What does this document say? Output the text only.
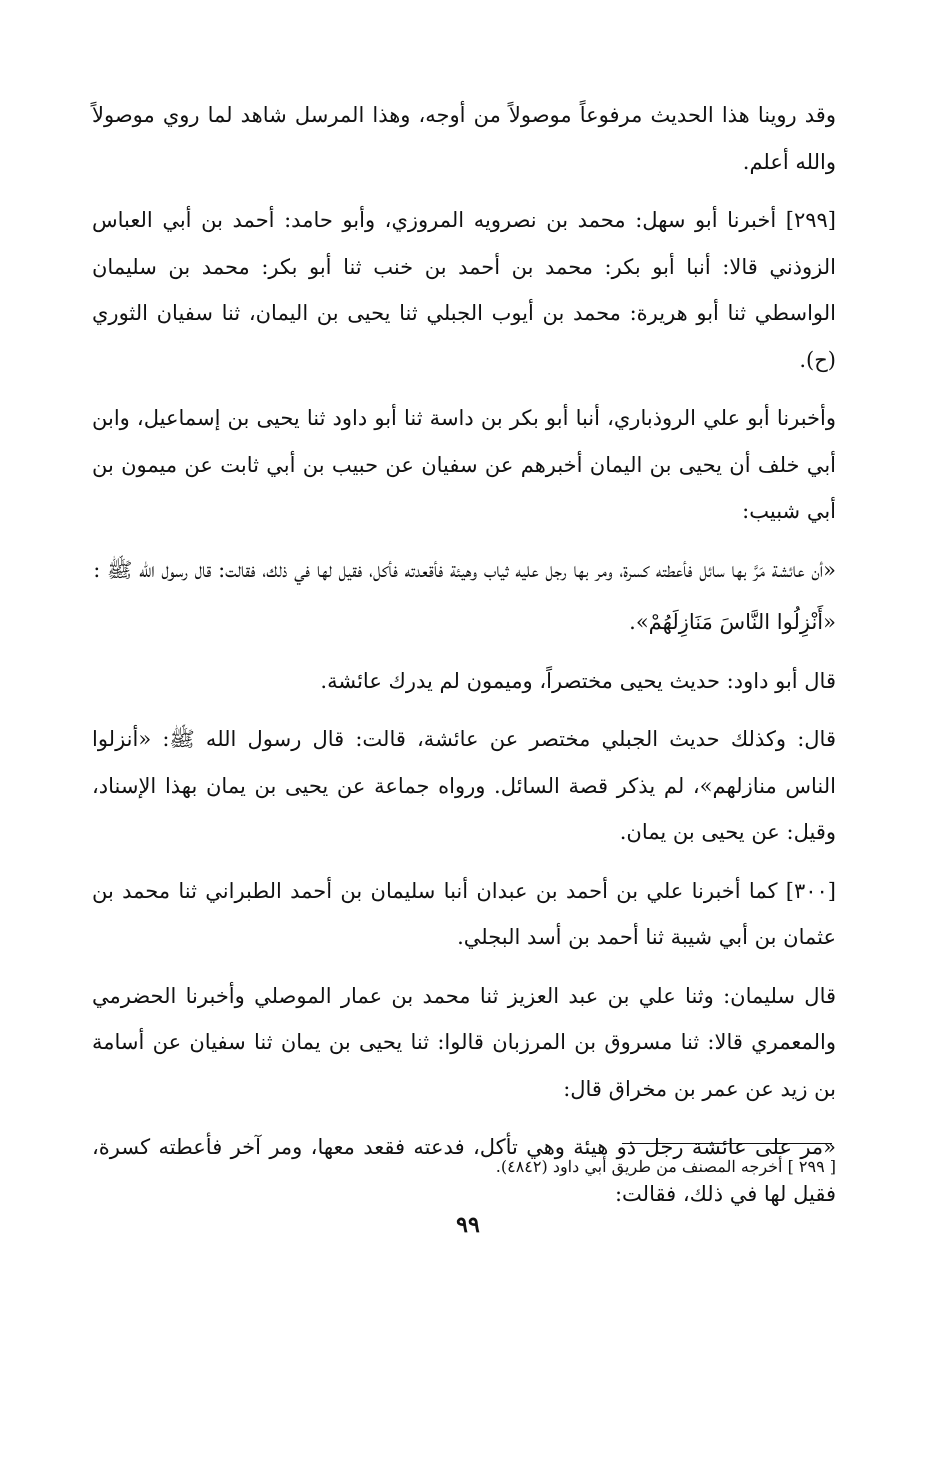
وقد روينا هذا الحديث مرفوعاً موصولاً من أوجه، وهذا المرسل شاهد لما روي موصولاً والله أعلم.

[٢٩٩] أخبرنا أبو سهل: محمد بن نصرويه المروزي، وأبو حامد: أحمد بن أبي العباس الزوذني قالا: أنبا أبو بكر: محمد بن أحمد بن خنب ثنا أبو بكر: محمد بن سليمان الواسطي ثنا أبو هريرة: محمد بن أيوب الجبلي ثنا يحيى بن اليمان، ثنا سفيان الثوري (ح).

وأخبرنا أبو علي الروذباري، أنبا أبو بكر بن داسة ثنا أبو داود ثنا يحيى بن إسماعيل، وابن أبي خلف أن يحيى بن اليمان أخبرهم عن سفيان عن حبيب بن أبي ثابت عن ميمون بن أبي شبيب:

«أن عائشة مَرَّ بها سائل فأعطته كسرة، ومر بها رجل عليه ثياب وهيئة فأقعدته فأكل، فقيل لها في ذلك، فقالت: قال رسول الله ﷺ :

«أَنْزِلُوا النَّاسَ مَنَازِلَهُمْ».

قال أبو داود: حديث يحيى مختصراً، وميمون لم يدرك عائشة.

قال: وكذلك حديث الجبلي مختصر عن عائشة، قالت: قال رسول الله ﷺ: «أنزلوا الناس منازلهم»، لم يذكر قصة السائل. ورواه جماعة عن يحيى بن يمان بهذا الإسناد، وقيل: عن يحيى بن يمان.

[٣٠٠] كما أخبرنا علي بن أحمد بن عبدان أنبا سليمان بن أحمد الطبراني ثنا محمد بن عثمان بن أبي شيبة ثنا أحمد بن أسد البجلي.

قال سليمان: وثنا علي بن عبد العزيز ثنا محمد بن عمار الموصلي وأخبرنا الحضرمي والمعمري قالا: ثنا مسروق بن المرزبان قالوا: ثنا يحيى بن يمان ثنا سفيان عن أسامة بن زيد عن عمر بن مخراق قال:

«مر على عائشة رجل ذو هيئة وهي تأكل، فدعته فقعد معها، ومر آخر فأعطته كسرة، فقيل لها في ذلك، فقالت:

[ ٢٩٩ ] أخرجه المصنف من طريق أبي داود (٤٨٤٢).
٩٩
